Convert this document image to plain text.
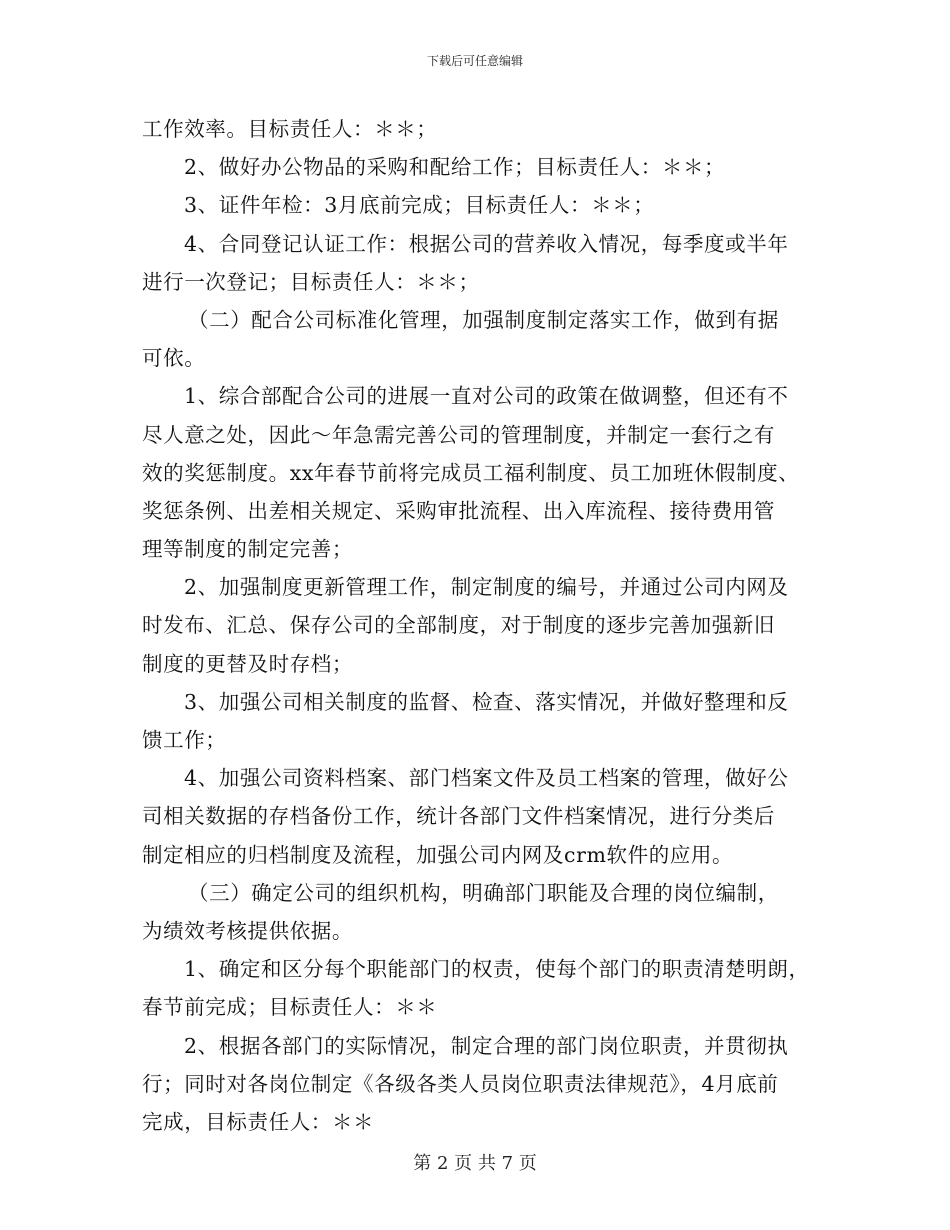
下载后可任意编辑
工作效率。目标责任人：＊＊；
2、做好办公物品的采购和配给工作；目标责任人：＊＊；
3、证件年检：3月底前完成；目标责任人：＊＊；
4、合同登记认证工作：根据公司的营养收入情况，每季度或半年
进行一次登记；目标责任人：＊＊；
（二）配合公司标准化管理，加强制度制定落实工作，做到有据
可依。
1、综合部配合公司的进展一直对公司的政策在做调整，但还有不
尽人意之处，因此～年急需完善公司的管理制度，并制定一套行之有
效的奖惩制度。xx年春节前将完成员工福利制度、员工加班休假制度、
奖惩条例、出差相关规定、采购审批流程、出入库流程、接待费用管
理等制度的制定完善；
2、加强制度更新管理工作，制定制度的编号，并通过公司内网及
时发布、汇总、保存公司的全部制度，对于制度的逐步完善加强新旧
制度的更替及时存档；
3、加强公司相关制度的监督、检查、落实情况，并做好整理和反
馈工作；
4、加强公司资料档案、部门档案文件及员工档案的管理，做好公
司相关数据的存档备份工作，统计各部门文件档案情况，进行分类后
制定相应的归档制度及流程，加强公司内网及crm软件的应用。
（三）确定公司的组织机构，明确部门职能及合理的岗位编制，
为绩效考核提供依据。
1、确定和区分每个职能部门的权责，使每个部门的职责清楚明朗，
春节前完成；目标责任人：＊＊
2、根据各部门的实际情况，制定合理的部门岗位职责，并贯彻执
行；同时对各岗位制定《各级各类人员岗位职责法律规范》，4月底前
完成，目标责任人：＊＊
第 2 页 共 7 页
